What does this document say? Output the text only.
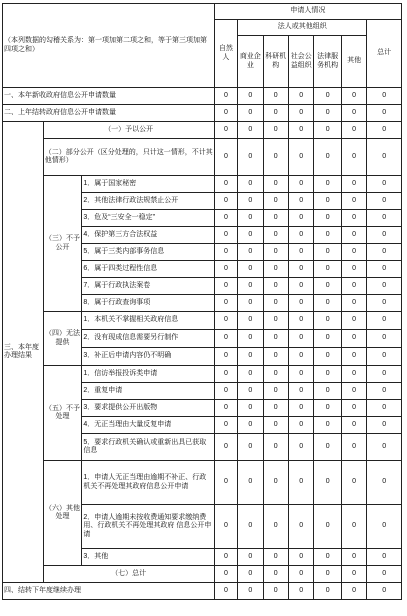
（本列数据的勾稽关系为：第一项加第二项之和，等于第三项加第四项之和）			申请人情况						
			自然人	法人或其他组织					总计
				商业企业	科研机构	社会公益组织	法律服务机构	其他	

一、本年新收政府信息公开申请数量			0	0	0	0	0	0	0
二、上年结转政府信息公开申请数量			0	0	0	0	0	0	0
三、本年度办理结果	（一）予以公开		0	0	0	0	0	0	0
	（二）部分公开（区分处理的，只计这一情形，不计其他情形）		0	0	0	0	0	0	0
	（三）不予公开	1．属于国家秘密	0	0	0	0	0	0	0
		2．其他法律行政法规禁止公开	0	0	0	0	0	0	0
		3．危及“三安全一稳定”	0	0	0	0	0	0	0
		4．保护第三方合法权益	0	0	0	0	0	0	0
		5．属于三类内部事务信息	0	0	0	0	0	0	0
		6．属于四类过程性信息	0	0	0	0	0	0	0
		7．属于行政执法案卷	0	0	0	0	0	0	0
		8．属于行政查询事项	0	0	0	0	0	0	0
	（四）无法提供	1．本机关不掌握相关政府信息	0	0	0	0	0	0	0
		2．没有现成信息需要另行制作	0	0	0	0	0	0	0
		3．补正后申请内容仍不明确	0	0	0	0	0	0	0
	（五）不予处理	1．信访举报投诉类申请	0	0	0	0	0	0	0
		2．重复申请	0	0	0	0	0	0	0
		3．要求提供公开出版物	0	0	0	0	0	0	0
		4．无正当理由大量反复申请	0	0	0	0	0	0	0
		5．要求行政机关确认或重新出具已获取信息	0	0	0	0	0	0	0
	（六）其他处理	1．申请人无正当理由逾期不补正、行政机关不再处理其政府信息公开申请	0	0	0	0	0	0	0
		2．申请人逾期未按收费通知要求缴纳费用、行政机关不再处理其政府 信息公开申请	0	0	0	0	0	0	0
		3．其他	0	0	0	0	0	0	0
	（七）总计		0	0	0	0	0	0	0
四、结转下年度继续办理			0	0	0	0	0	0	0
